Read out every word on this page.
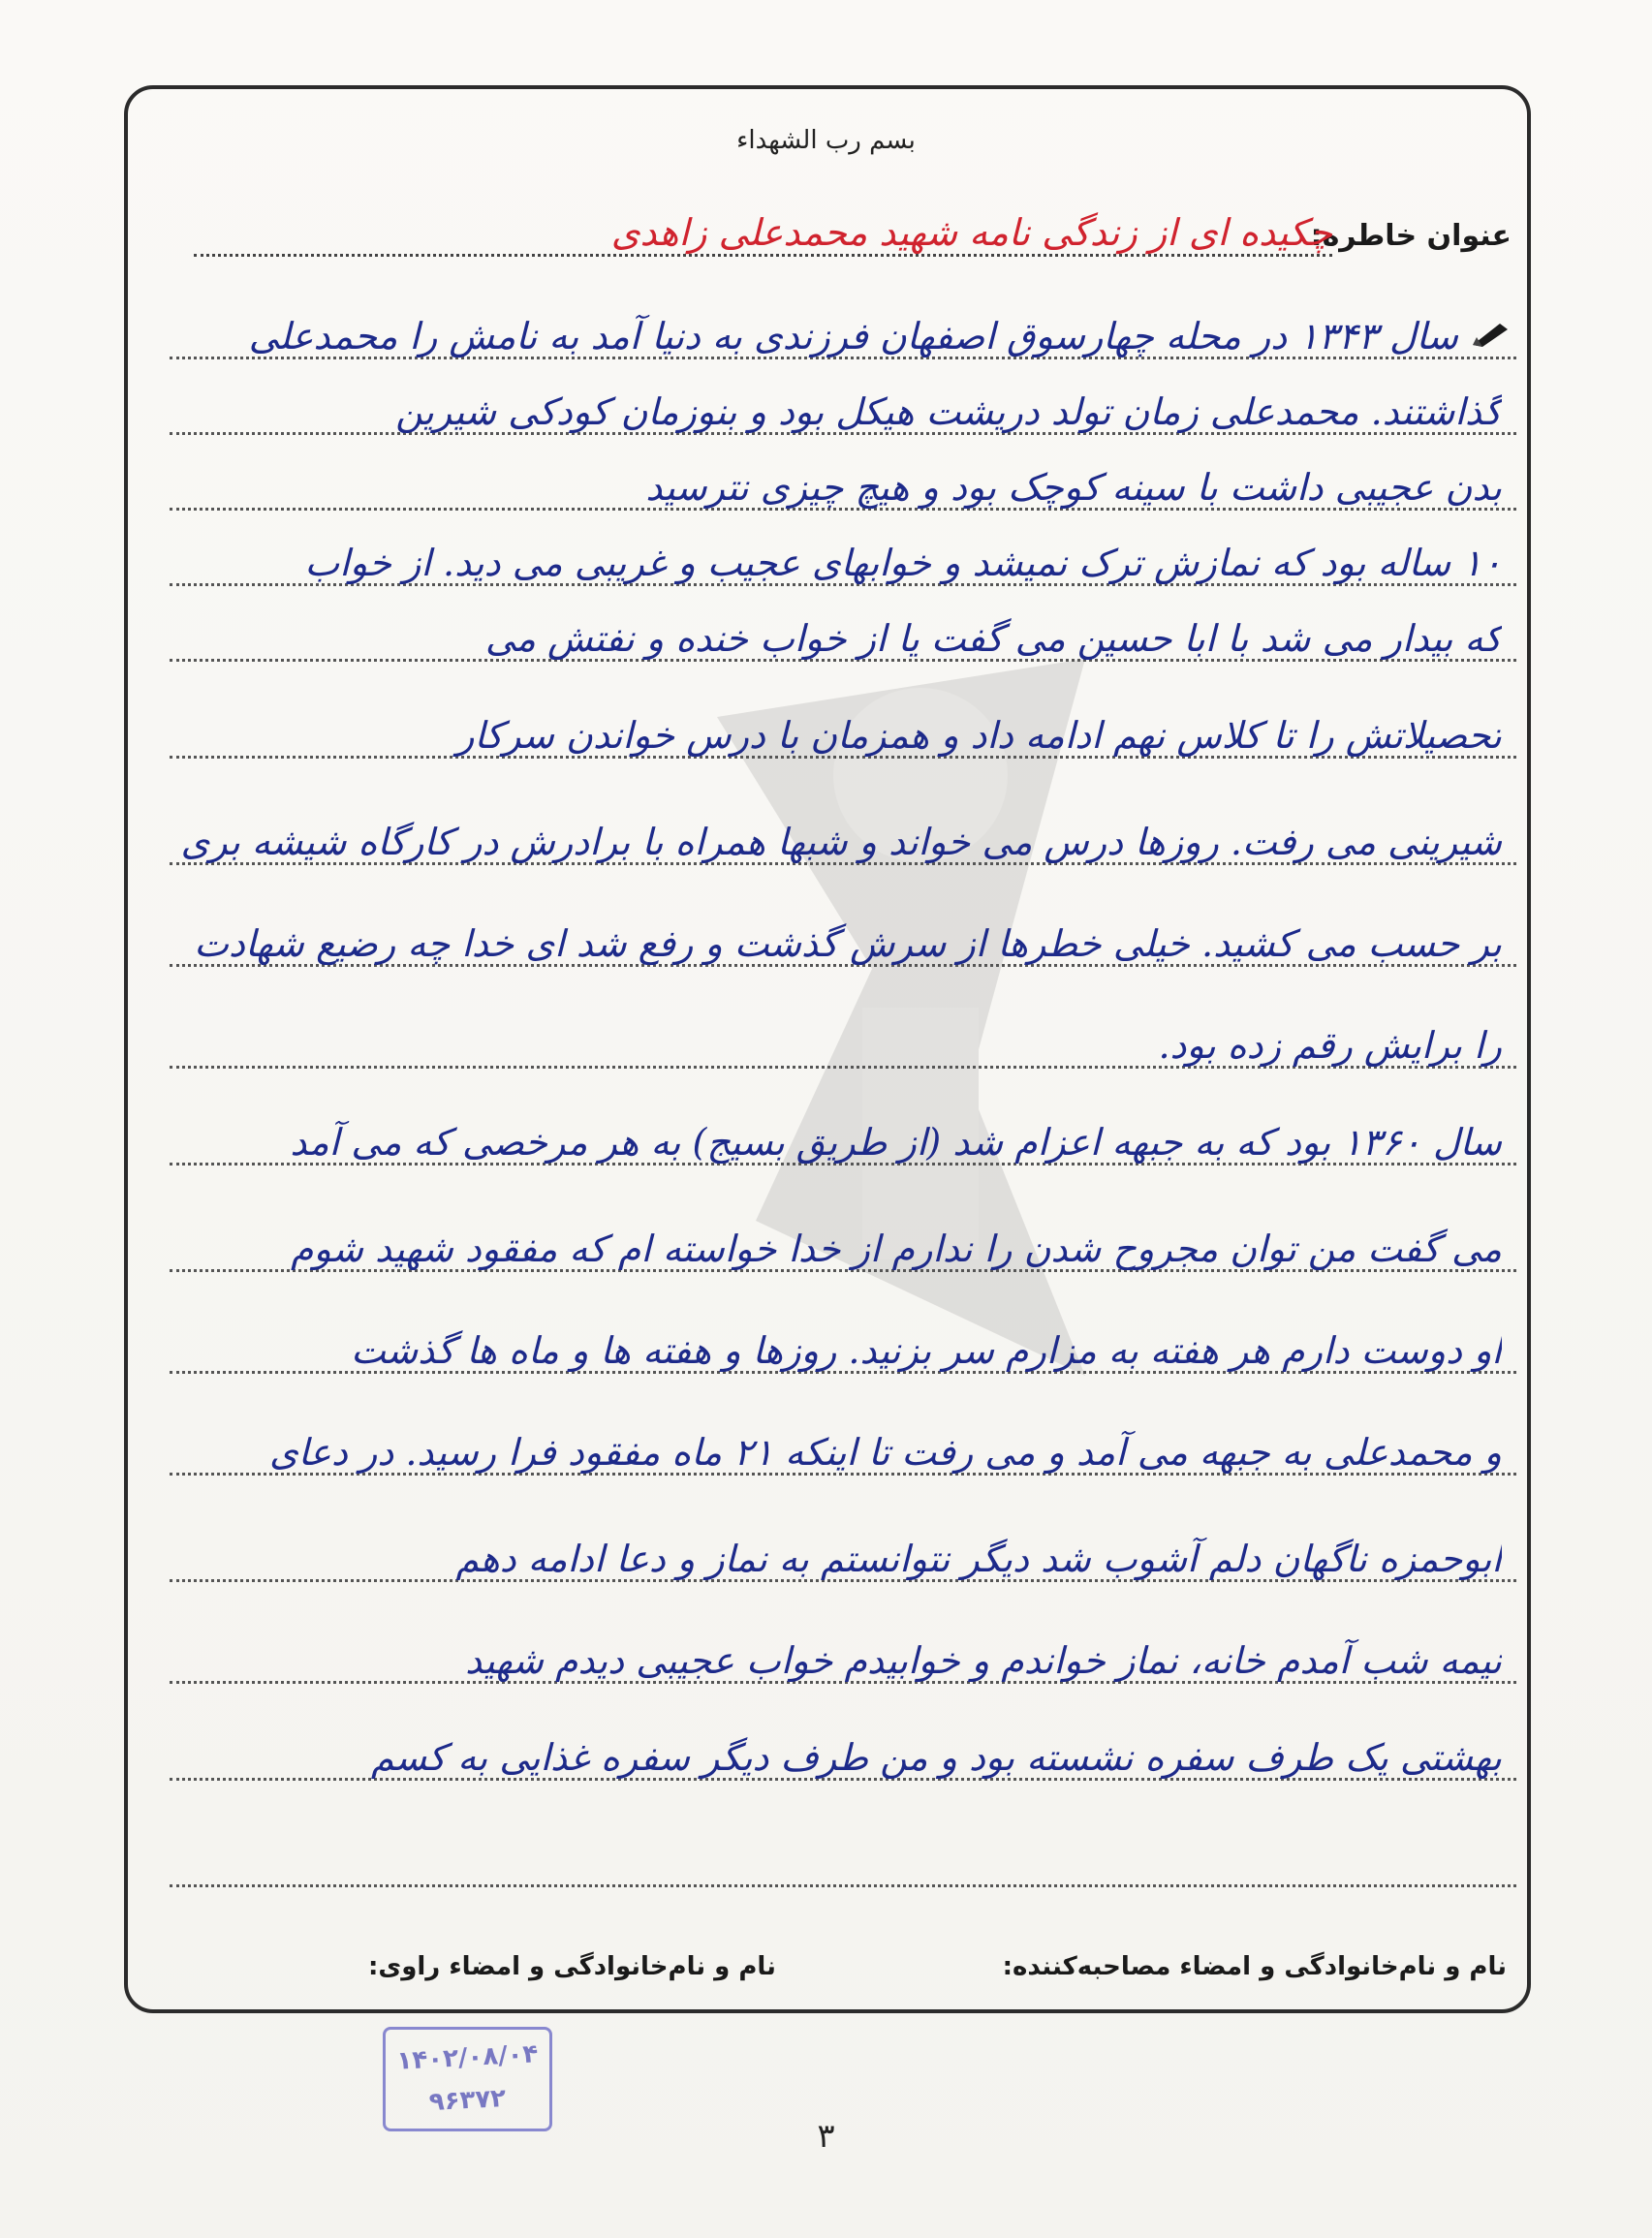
بسم رب الشهداء
عنوان خاطره:
چکیده ای از زندگی نامه شهید محمدعلی زاهدی
سال ۱۳۴۳ در محله چهارسوق اصفهان فرزندی به دنیا آمد به نامش را محمدعلی
گذاشتند. محمدعلی زمان تولد دریشت هیکل بود و بنوزمان کودکی شیرین
بدن عجیبی داشت با سینه کوچک بود و هیچ چیزی نترسید
۱۰ ساله بود که نمازش ترک نمیشد و خوابهای عجیب و غریبی می دید. از خواب
که بیدار می شد با ابا حسین می گفت یا از خواب خنده و نفتش می
تحصیلاتش را تا کلاس نهم ادامه داد و همزمان با درس خواندن سرکار
شیرینی می رفت. روزها درس می خواند و شبها همراه با برادرش در کارگاه شیشه بری
بر حسب می کشید. خیلی خطرها از سرش گذشت و رفع شد ای خدا چه رضیع شهادت
را برایش رقم زده بود.
سال ۱۳۶۰ بود که به جبهه اعزام شد (از طریق بسیج) به هر مرخصی که می آمد
می گفت من توان مجروح شدن را ندارم از خدا خواسته ام که مفقود شهید شوم
او دوست دارم هر هفته به مزارم سر بزنید. روزها و هفته ها و ماه ها گذشت
و محمدعلی به جبهه می آمد و می رفت تا اینکه ۲۱ ماه مفقود فرا رسید. در دعای
ابوحمزه ناگهان دلم آشوب شد دیگر نتوانستم به نماز و دعا ادامه دهم
نیمه شب آمدم خانه، نماز خواندم و خوابیدم خواب عجیبی دیدم شهید
بهشتی یک طرف سفره نشسته بود و من طرف دیگر سفره غذایی به کسم
نام و نام‌خانوادگی و امضاء مصاحبه‌کننده:
نام و نام‌خانوادگی و امضاء راوی:
۱۴۰۲/۰۸/۰۴
۹۶۳۷۲
۳
